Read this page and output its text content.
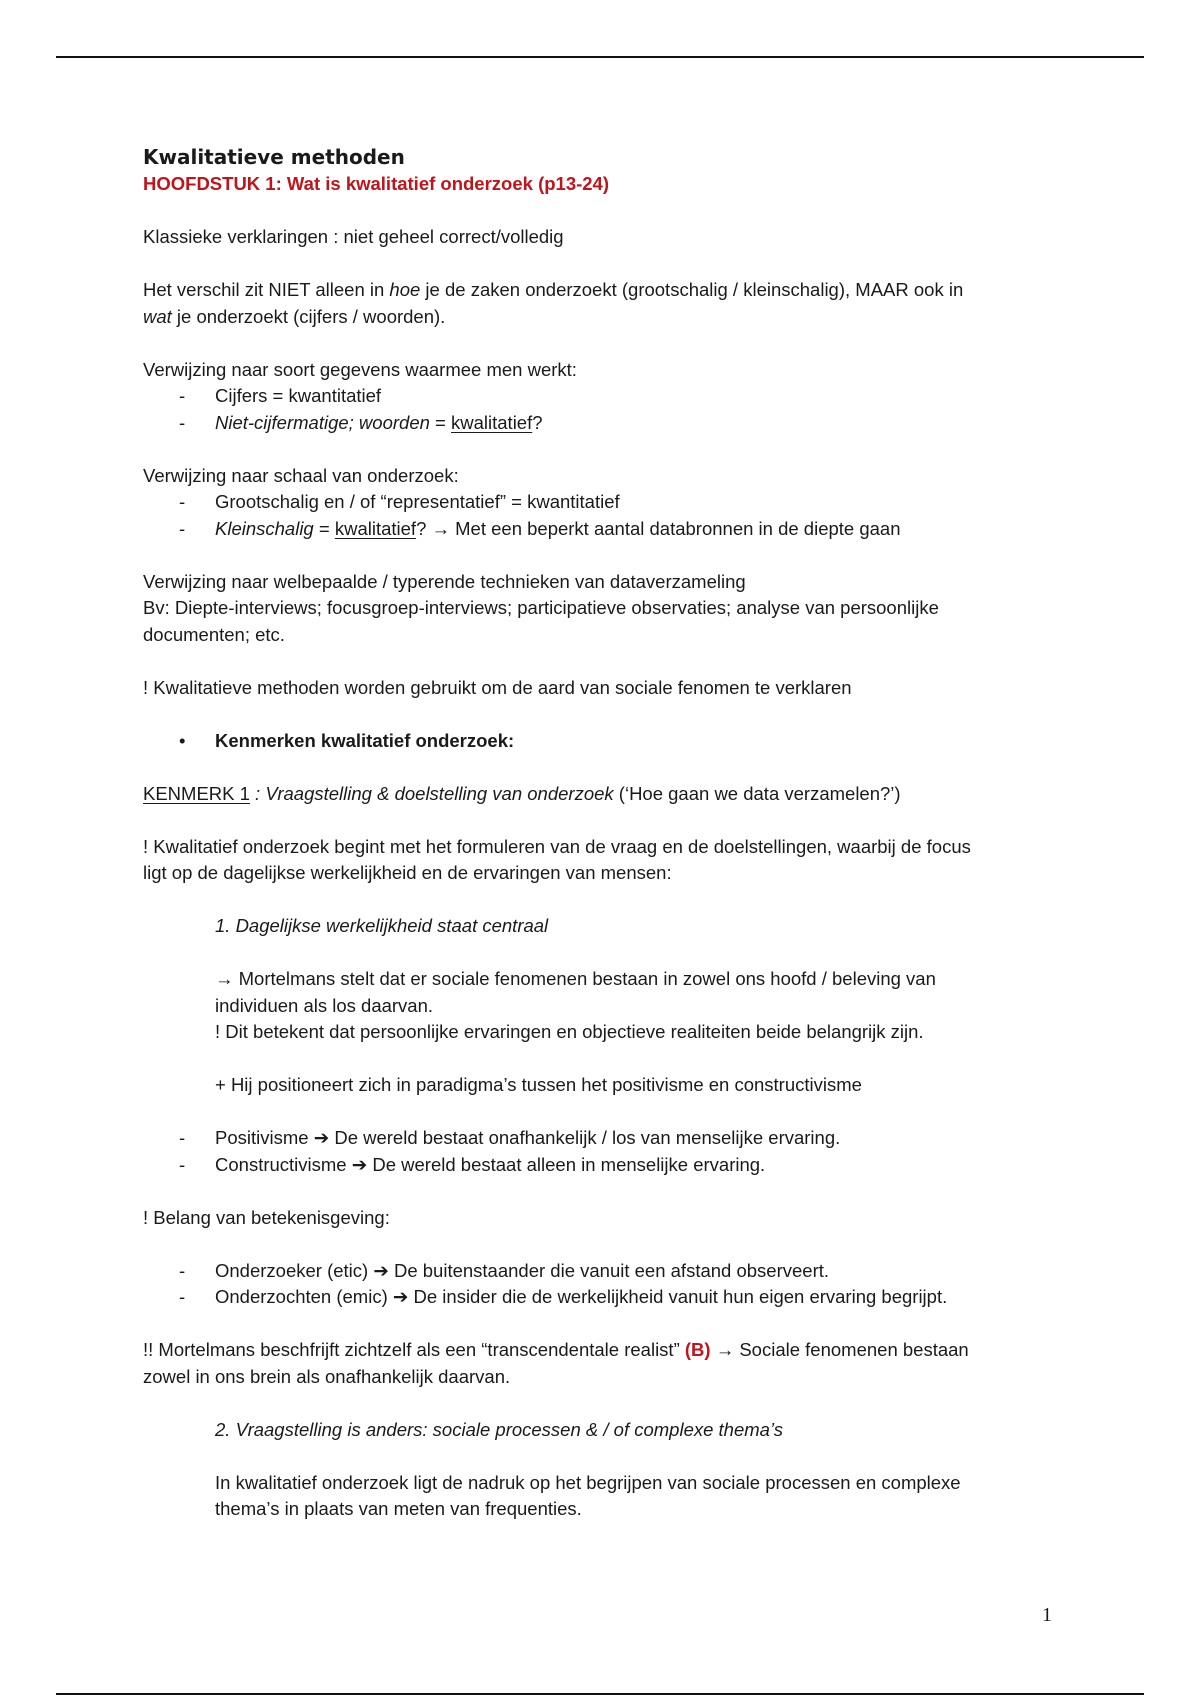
Kwalitatieve methoden
HOOFDSTUK 1: Wat is kwalitatief onderzoek (p13-24)
Klassieke verklaringen : niet geheel correct/volledig
Het verschil zit NIET alleen in hoe je de zaken onderzoekt (grootschalig / kleinschalig), MAAR ook in
wat je onderzoekt (cijfers / woorden).
Verwijzing naar soort gegevens waarmee men werkt:
-	Cijfers = kwantitatief
-	Niet-cijfermatige; woorden = kwalitatief?
Verwijzing naar schaal van onderzoek:
-	Grootschalig en / of “representatief” = kwantitatief
-	Kleinschalig = kwalitatief? → Met een beperkt aantal databronnen in de diepte gaan
Verwijzing naar welbepaalde / typerende technieken van dataverzameling
Bv: Diepte-interviews; focusgroep-interviews; participatieve observaties; analyse van persoonlijke
documenten; etc.
! Kwalitatieve methoden worden gebruikt om de aard van sociale fenomen te verklaren
• Kenmerken kwalitatief onderzoek:
KENMERK 1 : Vraagstelling & doelstelling van onderzoek (‘Hoe gaan we data verzamelen?’)
! Kwalitatief onderzoek begint met het formuleren van de vraag en de doelstellingen, waarbij de focus
ligt op de dagelijkse werkelijkheid en de ervaringen van mensen:
1. Dagelijkse werkelijkheid staat centraal
→ Mortelmans stelt dat er sociale fenomenen bestaan in zowel ons hoofd / beleving van
individuen als los daarvan.
! Dit betekent dat persoonlijke ervaringen en objectieve realiteiten beide belangrijk zijn.
+ Hij positioneert zich in paradigma’s tussen het positivisme en constructivisme
-	Positivisme ➔ De wereld bestaat onafhankelijk / los van menselijke ervaring.
-	Constructivisme ➔ De wereld bestaat alleen in menselijke ervaring.
! Belang van betekenisgeving:
-	Onderzoeker (etic) ➔ De buitenstaander die vanuit een afstand observeert.
-	Onderzochten (emic) ➔ De insider die de werkelijkheid vanuit hun eigen ervaring begrijpt.
!! Mortelmans beschfrijft zichtzelf als een “transcendentale realist” (B) → Sociale fenomenen bestaan
zowel in ons brein als onafhankelijk daarvan.
2. Vraagstelling is anders: sociale processen & / of complexe thema’s
In kwalitatief onderzoek ligt de nadruk op het begrijpen van sociale processen en complexe
thema’s in plaats van meten van frequenties.
1
